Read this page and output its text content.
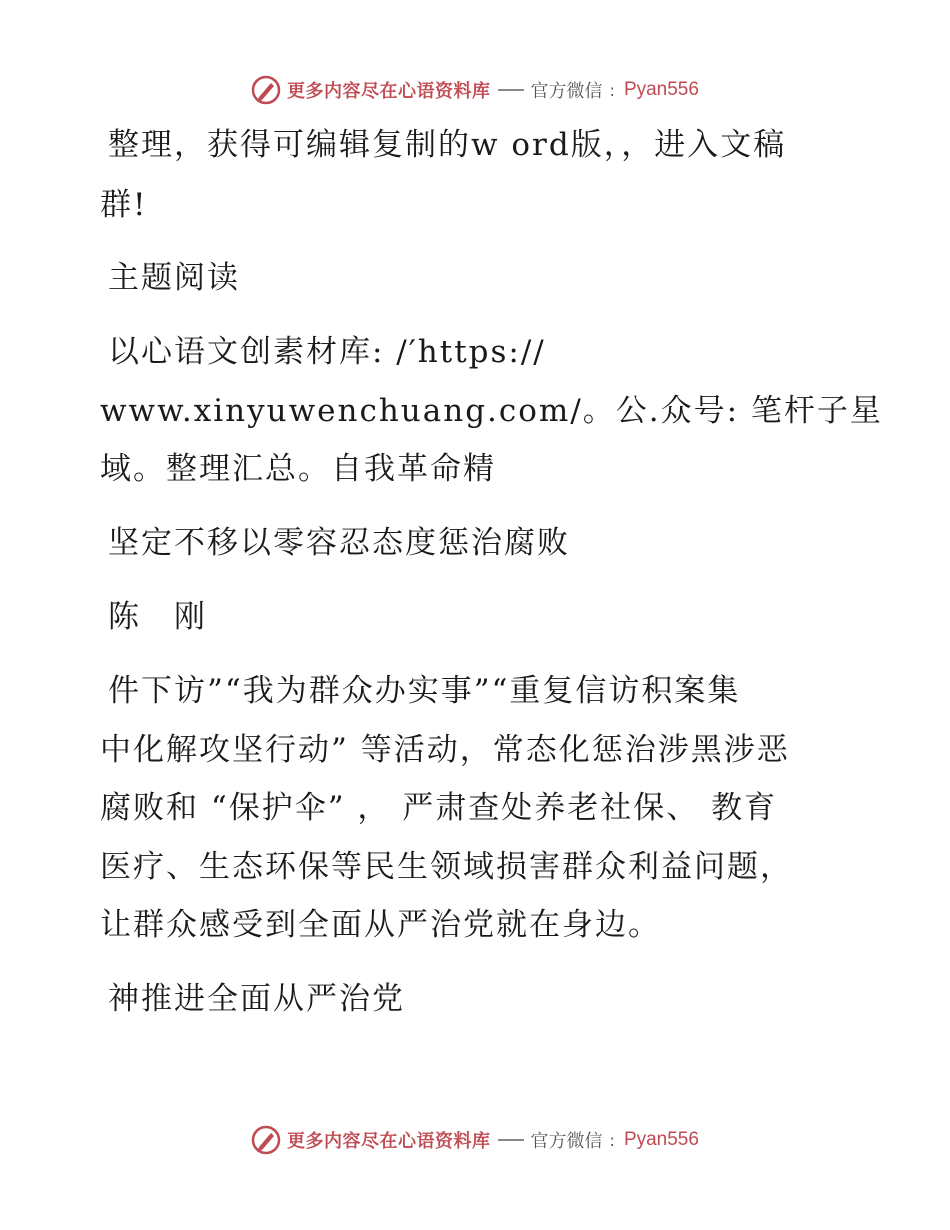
更多内容尽在心语资料库 官方微信 : Pyan556
整理，获得可编辑复制的w ord版，，进入文稿
群!
主题阅读
以心语文创素材库: /′https://
www.xinyuwenchuang.com/。公.众号: 笔杆子星
域。整理汇总。自我革命精
坚定不移以零容忍态度惩治腐败
陈　刚
件下访”“我为群众办实事”“重复信访积案集
中化解攻坚行动” 等活动，常态化惩治涉黑涉恶
腐败和 “保护伞” ， 严肃查处养老社保、 教育
医疗、生态环保等民生领域损害群众利益问题，
让群众感受到全面从严治党就在身边。
神推进全面从严治党
更多内容尽在心语资料库 官方微信 : Pyan556
